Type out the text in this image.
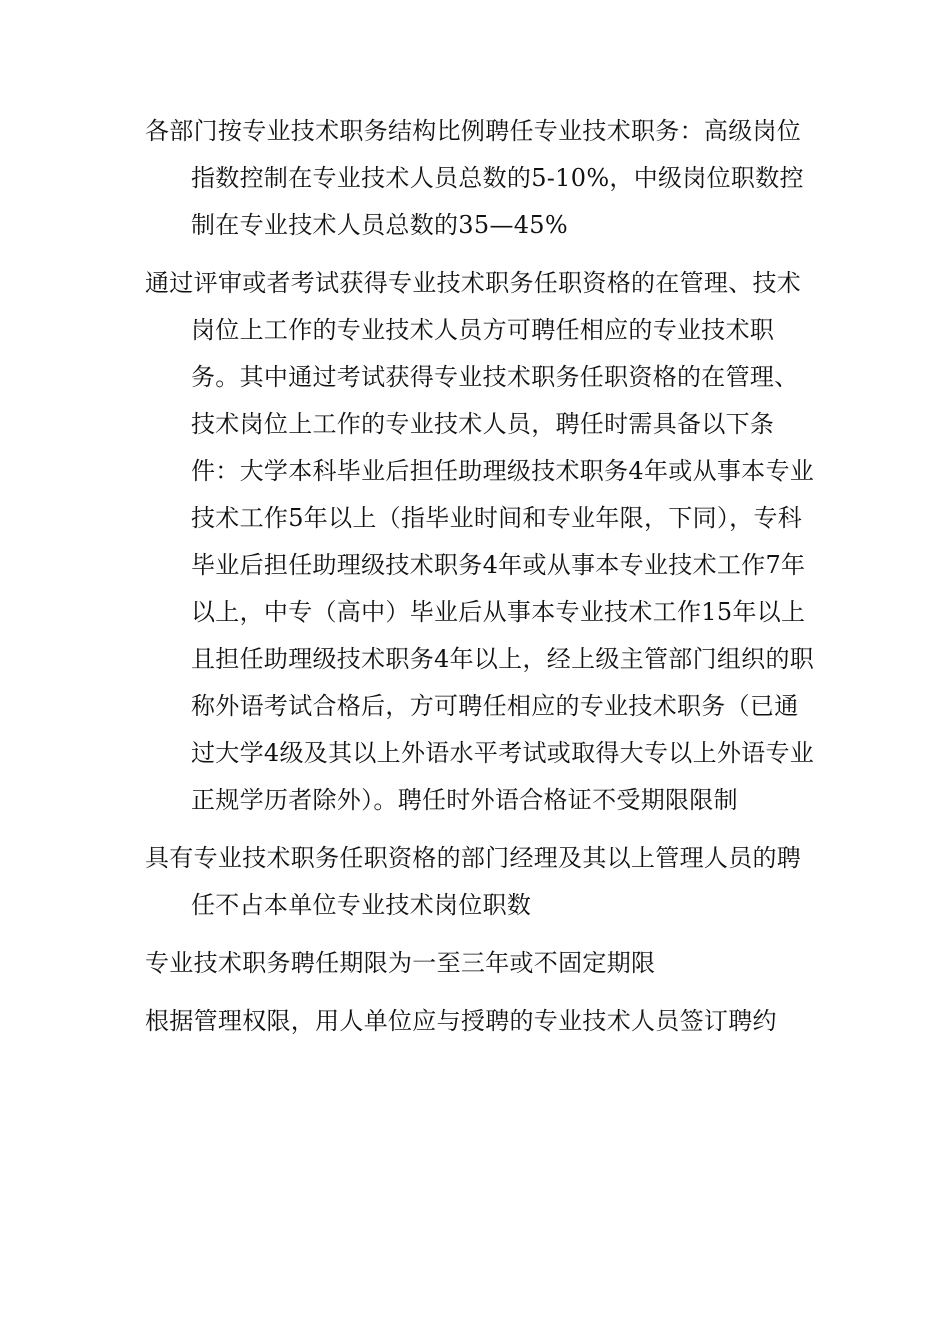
各部门按专业技术职务结构比例聘任专业技术职务：高级岗位指数控制在专业技术人员总数的5-10%，中级岗位职数控制在专业技术人员总数的35—45%

通过评审或者考试获得专业技术职务任职资格的在管理、技术岗位上工作的专业技术人员方可聘任相应的专业技术职务。其中通过考试获得专业技术职务任职资格的在管理、技术岗位上工作的专业技术人员，聘任时需具备以下条件：大学本科毕业后担任助理级技术职务4年或从事本专业技术工作5年以上（指毕业时间和专业年限，下同），专科毕业后担任助理级技术职务4年或从事本专业技术工作7年以上，中专（高中）毕业后从事本专业技术工作15年以上且担任助理级技术职务4年以上，经上级主管部门组织的职称外语考试合格后，方可聘任相应的专业技术职务（已通过大学4级及其以上外语水平考试或取得大专以上外语专业正规学历者除外）。聘任时外语合格证不受期限限制

具有专业技术职务任职资格的部门经理及其以上管理人员的聘任不占本单位专业技术岗位职数

专业技术职务聘任期限为一至三年或不固定期限

根据管理权限，用人单位应与授聘的专业技术人员签订聘约
